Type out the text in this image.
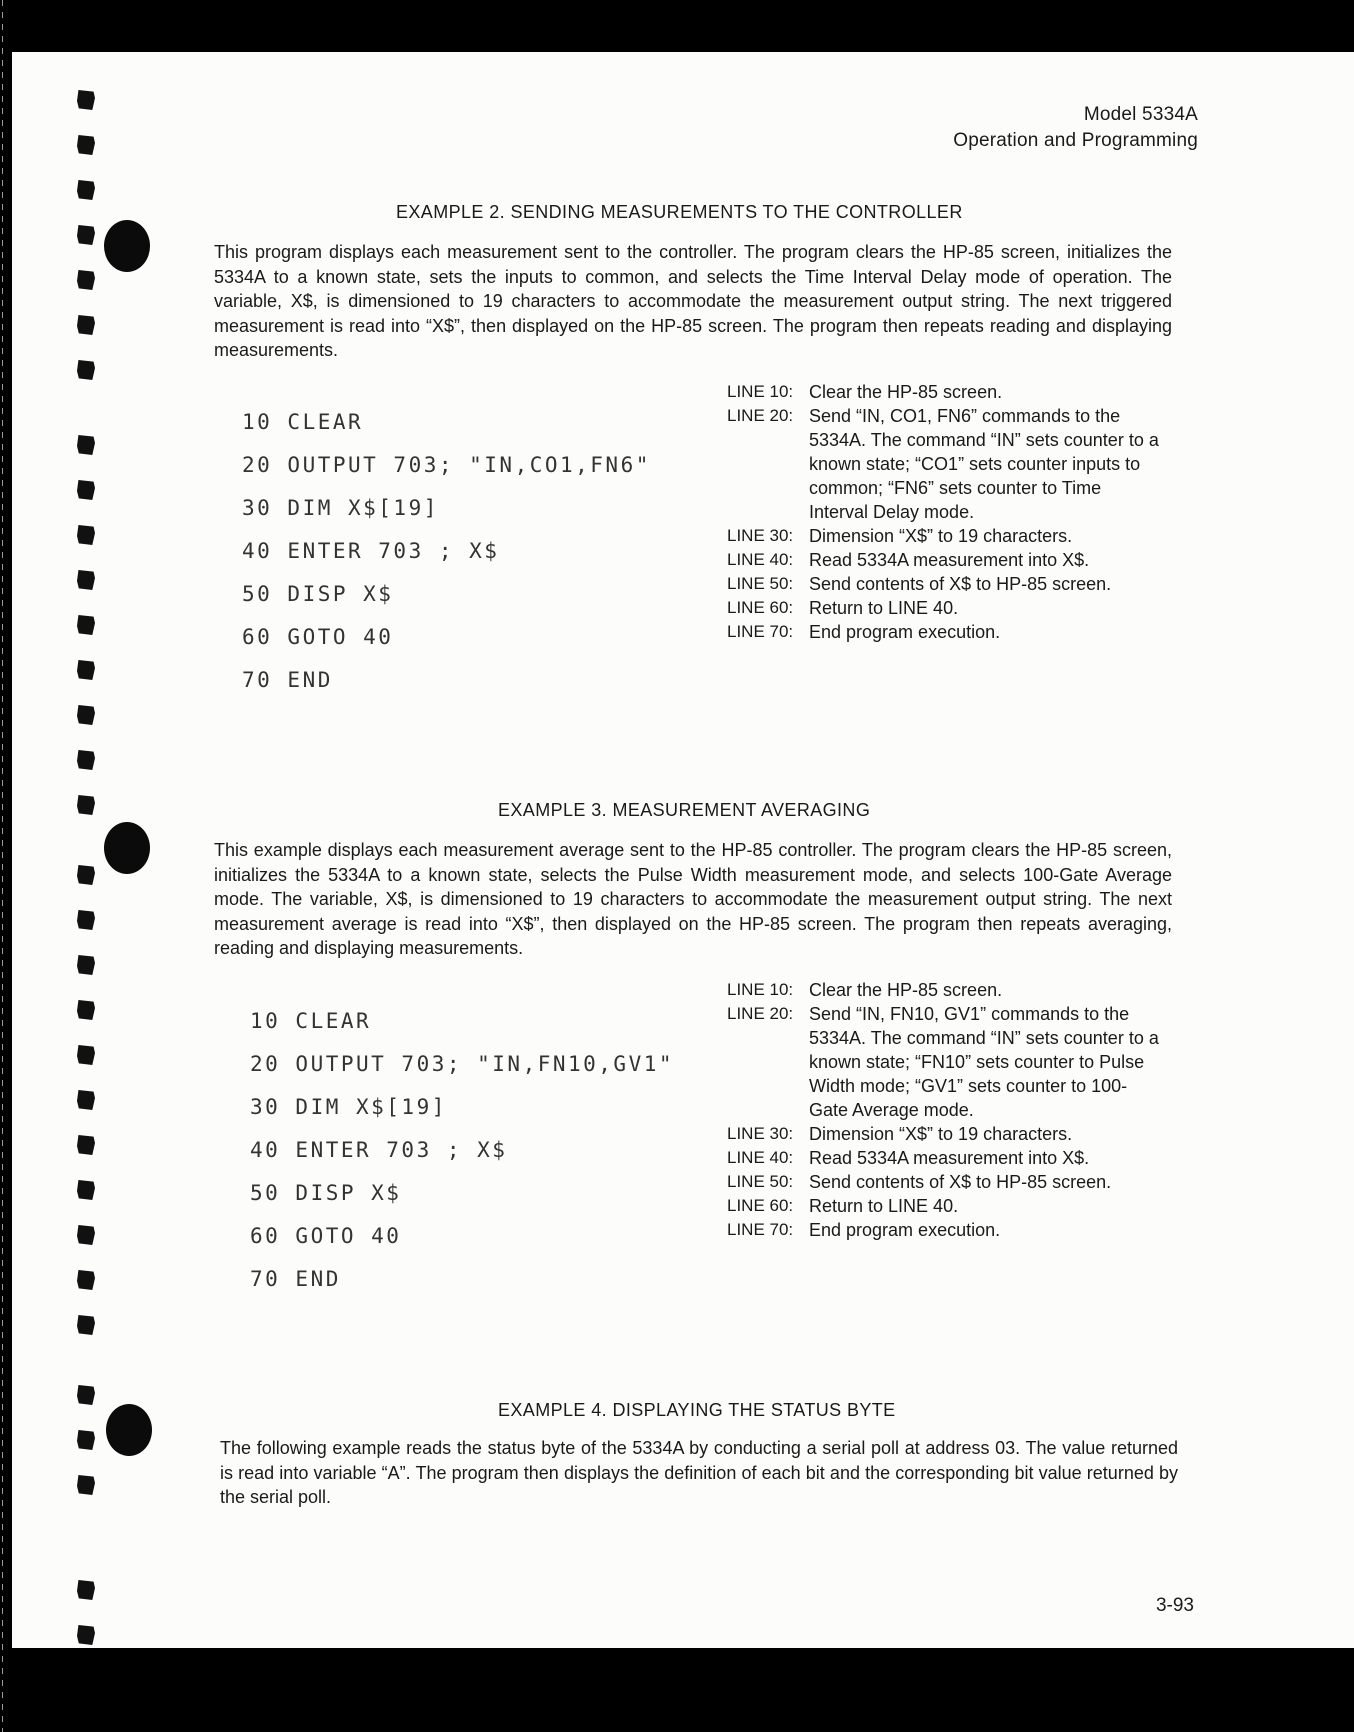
Model 5334A
Operation and Programming
EXAMPLE 2. SENDING MEASUREMENTS TO THE CONTROLLER
This program displays each measurement sent to the controller. The program clears the HP-85 screen, initializes the 5334A to a known state, sets the inputs to common, and selects the Time Interval Delay mode of operation. The variable, X$, is dimensioned to 19 characters to accommodate the measurement output string. The next triggered measurement is read into “X$”, then displayed on the HP-85 screen. The program then repeats reading and displaying measurements.
10 CLEAR
20 OUTPUT 703; "IN,CO1,FN6"
30 DIM X$[19]
40 ENTER 703 ; X$
50 DISP X$
60 GOTO 40
70 END
LINE 10: Clear the HP-85 screen.
LINE 20: Send “IN, CO1, FN6” commands to the 5334A. The command “IN” sets counter to a known state; “CO1” sets counter inputs to common; “FN6” sets counter to Time Interval Delay mode.
LINE 30: Dimension “X$” to 19 characters.
LINE 40: Read 5334A measurement into X$.
LINE 50: Send contents of X$ to HP-85 screen.
LINE 60: Return to LINE 40.
LINE 70: End program execution.
EXAMPLE 3. MEASUREMENT AVERAGING
This example displays each measurement average sent to the HP-85 controller. The program clears the HP-85 screen, initializes the 5334A to a known state, selects the Pulse Width measurement mode, and selects 100-Gate Average mode. The variable, X$, is dimensioned to 19 characters to accommodate the measurement output string. The next measurement average is read into “X$”, then displayed on the HP-85 screen. The program then repeats averaging, reading and displaying measurements.
10 CLEAR
20 OUTPUT 703; "IN,FN10,GV1"
30 DIM X$[19]
40 ENTER 703 ; X$
50 DISP X$
60 GOTO 40
70 END
LINE 10: Clear the HP-85 screen.
LINE 20: Send “IN, FN10, GV1” commands to the 5334A. The command “IN” sets counter to a known state; “FN10” sets counter to Pulse Width mode; “GV1” sets counter to 100-Gate Average mode.
LINE 30: Dimension “X$” to 19 characters.
LINE 40: Read 5334A measurement into X$.
LINE 50: Send contents of X$ to HP-85 screen.
LINE 60: Return to LINE 40.
LINE 70: End program execution.
EXAMPLE 4. DISPLAYING THE STATUS BYTE
The following example reads the status byte of the 5334A by conducting a serial poll at address 03. The value returned is read into variable “A”. The program then displays the definition of each bit and the corresponding bit value returned by the serial poll.
3-93
